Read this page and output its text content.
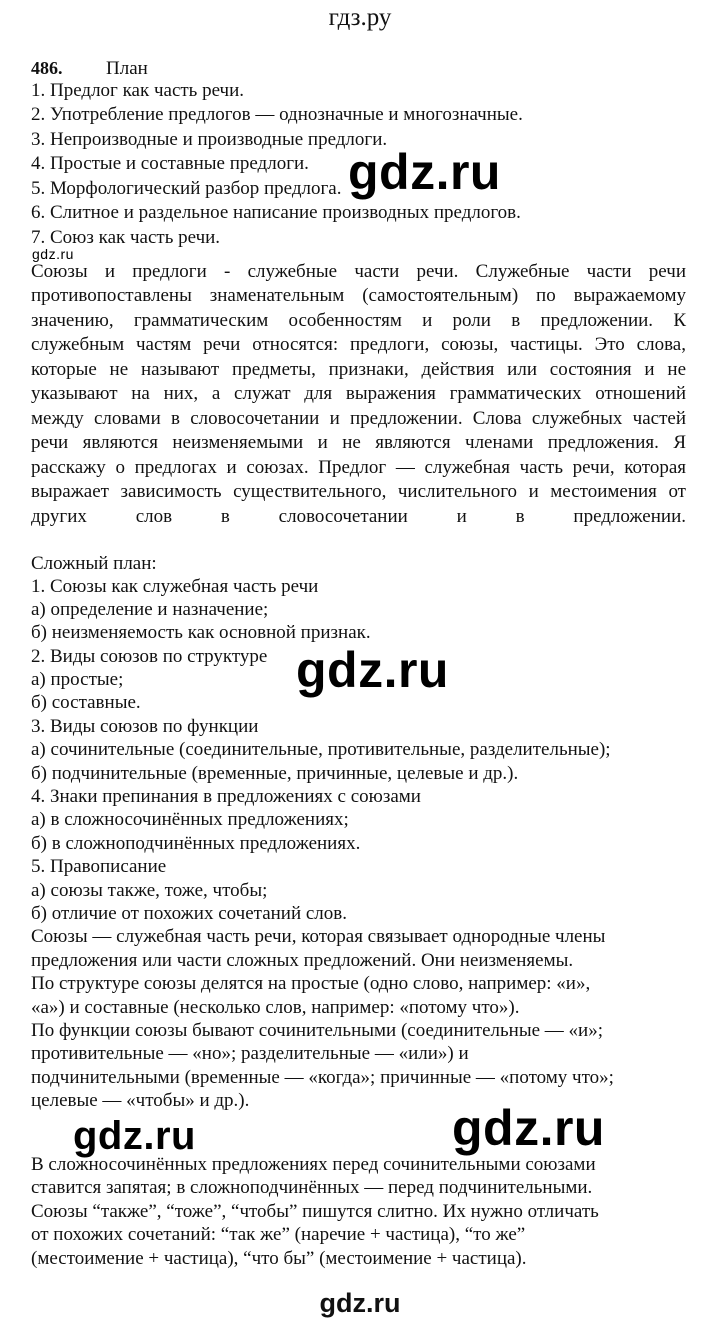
гдз.ру
486. План
1. Предлог как часть речи.
2. Употребление предлогов — однозначные и многозначные.
3. Непроизводные и производные предлоги.
4. Простые и составные предлоги.
5. Морфологический разбор предлога.
6. Слитное и раздельное написание производных предлогов.
7. Союз как часть речи.
gdz.ru
gdz.ru
Союзы и предлоги - служебные части речи. Служебные части речи
противопоставлены знаменательным (самостоятельным) по выражаемому
значению, грамматическим особенностям и роли в предложении. К
служебным частям речи относятся: предлоги, союзы, частицы. Это слова,
которые не называют предметы, признаки, действия или состояния и не
указывают на них, а служат для выражения грамматических отношений
между словами в словосочетании и предложении. Слова служебных частей
речи являются неизменяемыми и не являются членами предложения. Я
расскажу о предлогах и союзах. Предлог — служебная часть речи, которая
выражает зависимость существительного, числительного и местоимения от
других слов в словосочетании и в предложении.
Сложный план:
1. Союзы как служебная часть речи
а) определение и назначение;
б) неизменяемость как основной признак.
2. Виды союзов по структуре
а) простые;
б) составные.
3. Виды союзов по функции
а) сочинительные (соединительные, противительные, разделительные);
б) подчинительные (временные, причинные, целевые и др.).
4. Знаки препинания в предложениях с союзами
а) в сложносочинённых предложениях;
б) в сложноподчинённых предложениях.
5. Правописание
а) союзы также, тоже, чтобы;
б) отличие от похожих сочетаний слов.
Союзы — служебная часть речи, которая связывает однородные члены
предложения или части сложных предложений. Они неизменяемы.
По структуре союзы делятся на простые (одно слово, например: «и»,
«а») и составные (несколько слов, например: «потому что»).
По функции союзы бывают сочинительными (соединительные — «и»;
противительные — «но»; разделительные — «или») и
подчинительными (временные — «когда»; причинные — «потому что»;
целевые — «чтобы» и др.).
gdz.ru
gdz.ru
gdz.ru
В сложносочинённых предложениях перед сочинительными союзами
ставится запятая; в сложноподчинённых — перед подчинительными.
Союзы “также”, “тоже”, “чтобы” пишутся слитно. Их нужно отличать
от похожих сочетаний: “так же” (наречие + частица), “то же”
(местоимение + частица), “что бы” (местоимение + частица).
gdz.ru
